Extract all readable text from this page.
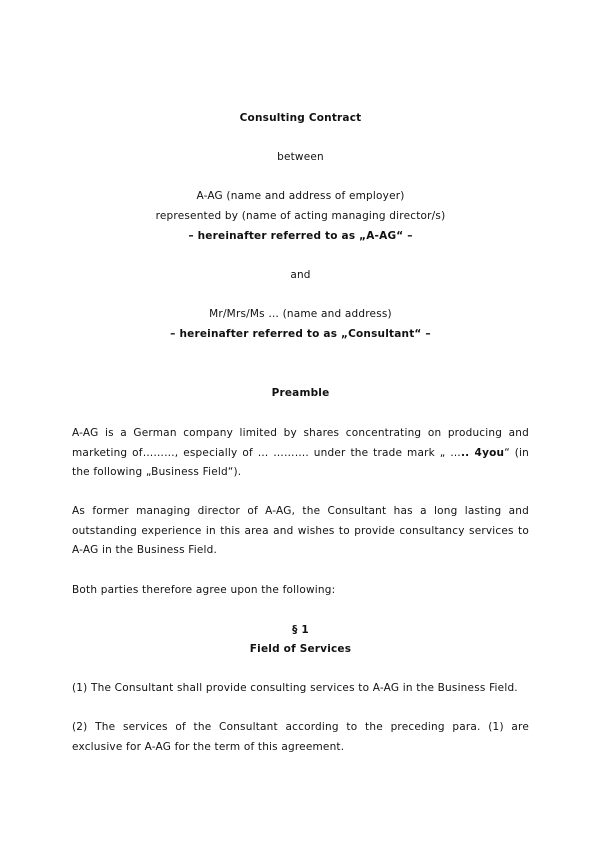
Consulting Contract

between

A-AG (name and address of employer)

represented by (name of acting managing director/s)

– hereinafter referred to as „A-AG“ –

and

Mr/Mrs/Ms … (name and address)

– hereinafter referred to as „Consultant“ –

Preamble

A-AG is a German company limited by shares concentrating on producing and marketing of………, especially of … ………. under the trade mark „ ….. 4you“ (in the following „Business Field“).

As former managing director of A-AG, the Consultant has a long lasting and outstanding experience in this area and wishes to provide consultancy services to A-AG in the Business Field.

Both parties therefore agree upon the following:

§ 1

Field of Services

(1) The Consultant shall provide consulting services to A-AG in the Business Field.

(2) The services of the Consultant according to the preceding para. (1) are exclusive for A-AG for the term of this agreement.
